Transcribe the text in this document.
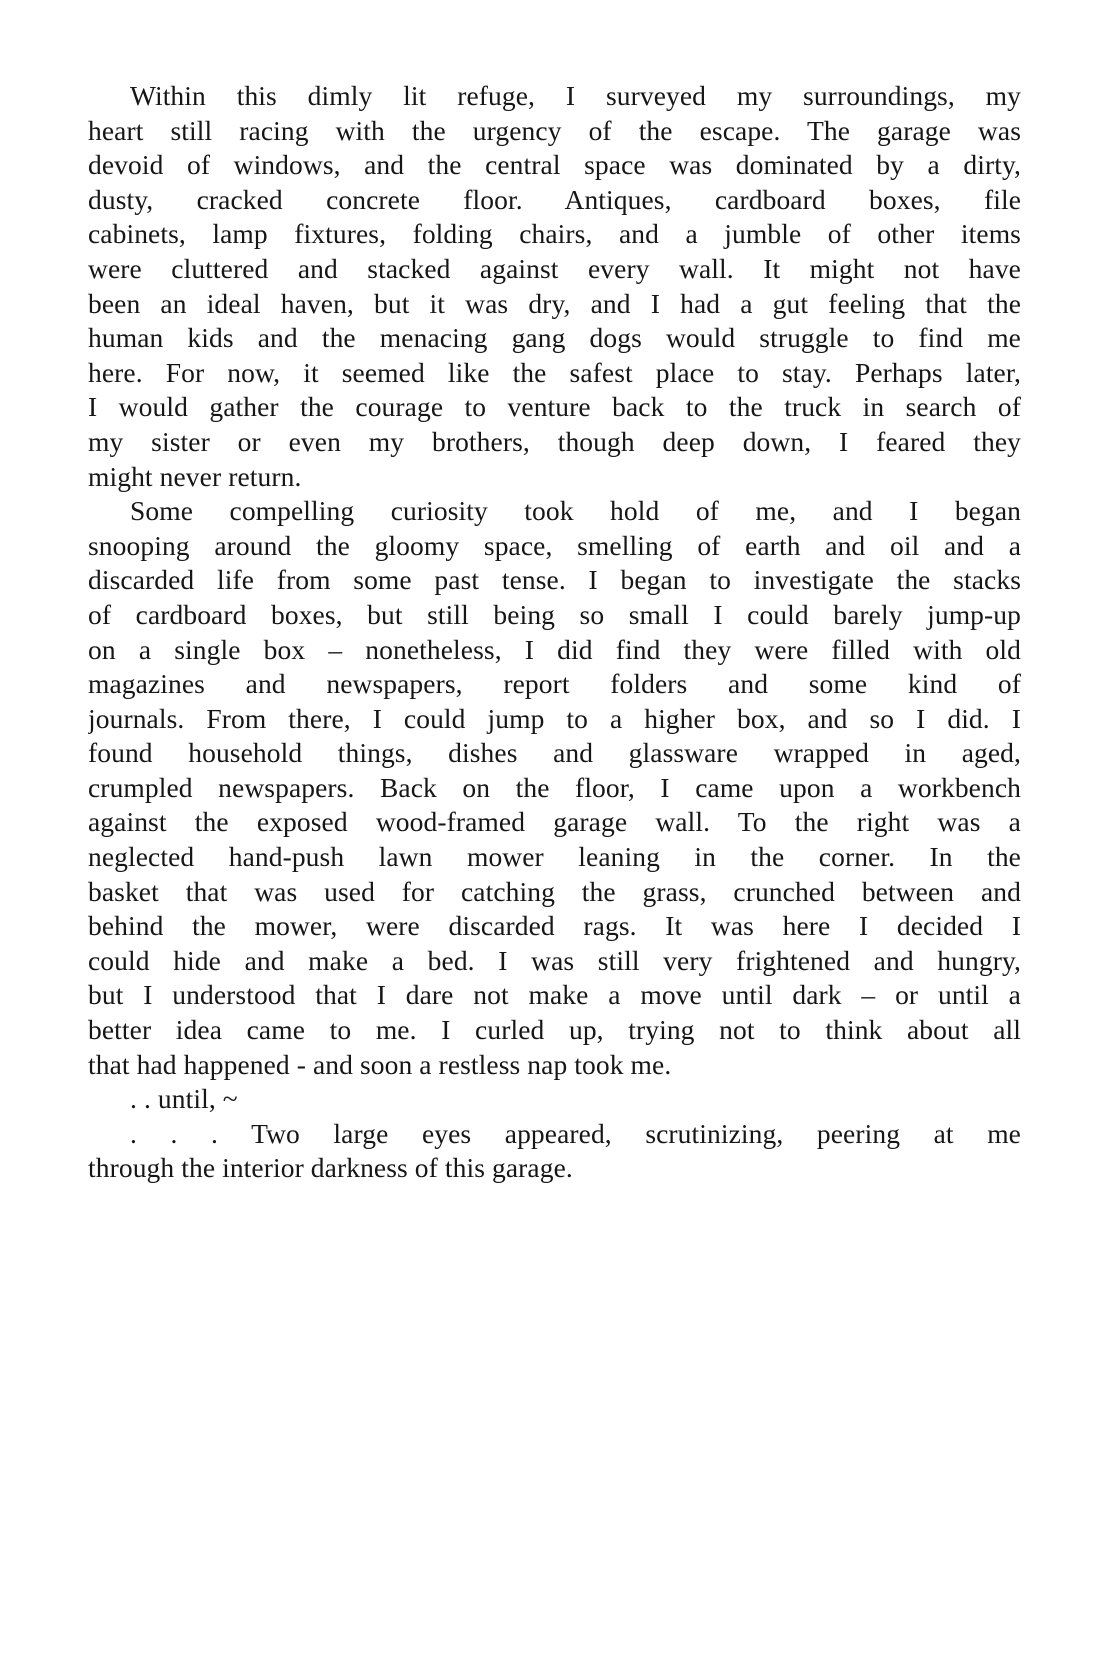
Within this dimly lit refuge, I surveyed my surroundings, my
heart still racing with the urgency of the escape. The garage was
devoid of windows, and the central space was dominated by a dirty,
dusty, cracked concrete floor. Antiques, cardboard boxes, file
cabinets, lamp fixtures, folding chairs, and a jumble of other items
were cluttered and stacked against every wall. It might not have
been an ideal haven, but it was dry, and I had a gut feeling that the
human kids and the menacing gang dogs would struggle to find me
here. For now, it seemed like the safest place to stay. Perhaps later,
I would gather the courage to venture back to the truck in search of
my sister or even my brothers, though deep down, I feared they
might never return.
Some compelling curiosity took hold of me, and I began
snooping around the gloomy space, smelling of earth and oil and a
discarded life from some past tense. I began to investigate the stacks
of cardboard boxes, but still being so small I could barely jump-up
on a single box – nonetheless, I did find they were filled with old
magazines and newspapers, report folders and some kind of
journals. From there, I could jump to a higher box, and so I did. I
found household things, dishes and glassware wrapped in aged,
crumpled newspapers. Back on the floor, I came upon a workbench
against the exposed wood-framed garage wall. To the right was a
neglected hand-push lawn mower leaning in the corner. In the
basket that was used for catching the grass, crunched between and
behind the mower, were discarded rags. It was here I decided I
could hide and make a bed. I was still very frightened and hungry,
but I understood that I dare not make a move until dark – or until a
better idea came to me. I curled up, trying not to think about all
that had happened - and soon a restless nap took me.
. . until, ~
. . . Two large eyes appeared, scrutinizing, peering at me
through the interior darkness of this garage.
